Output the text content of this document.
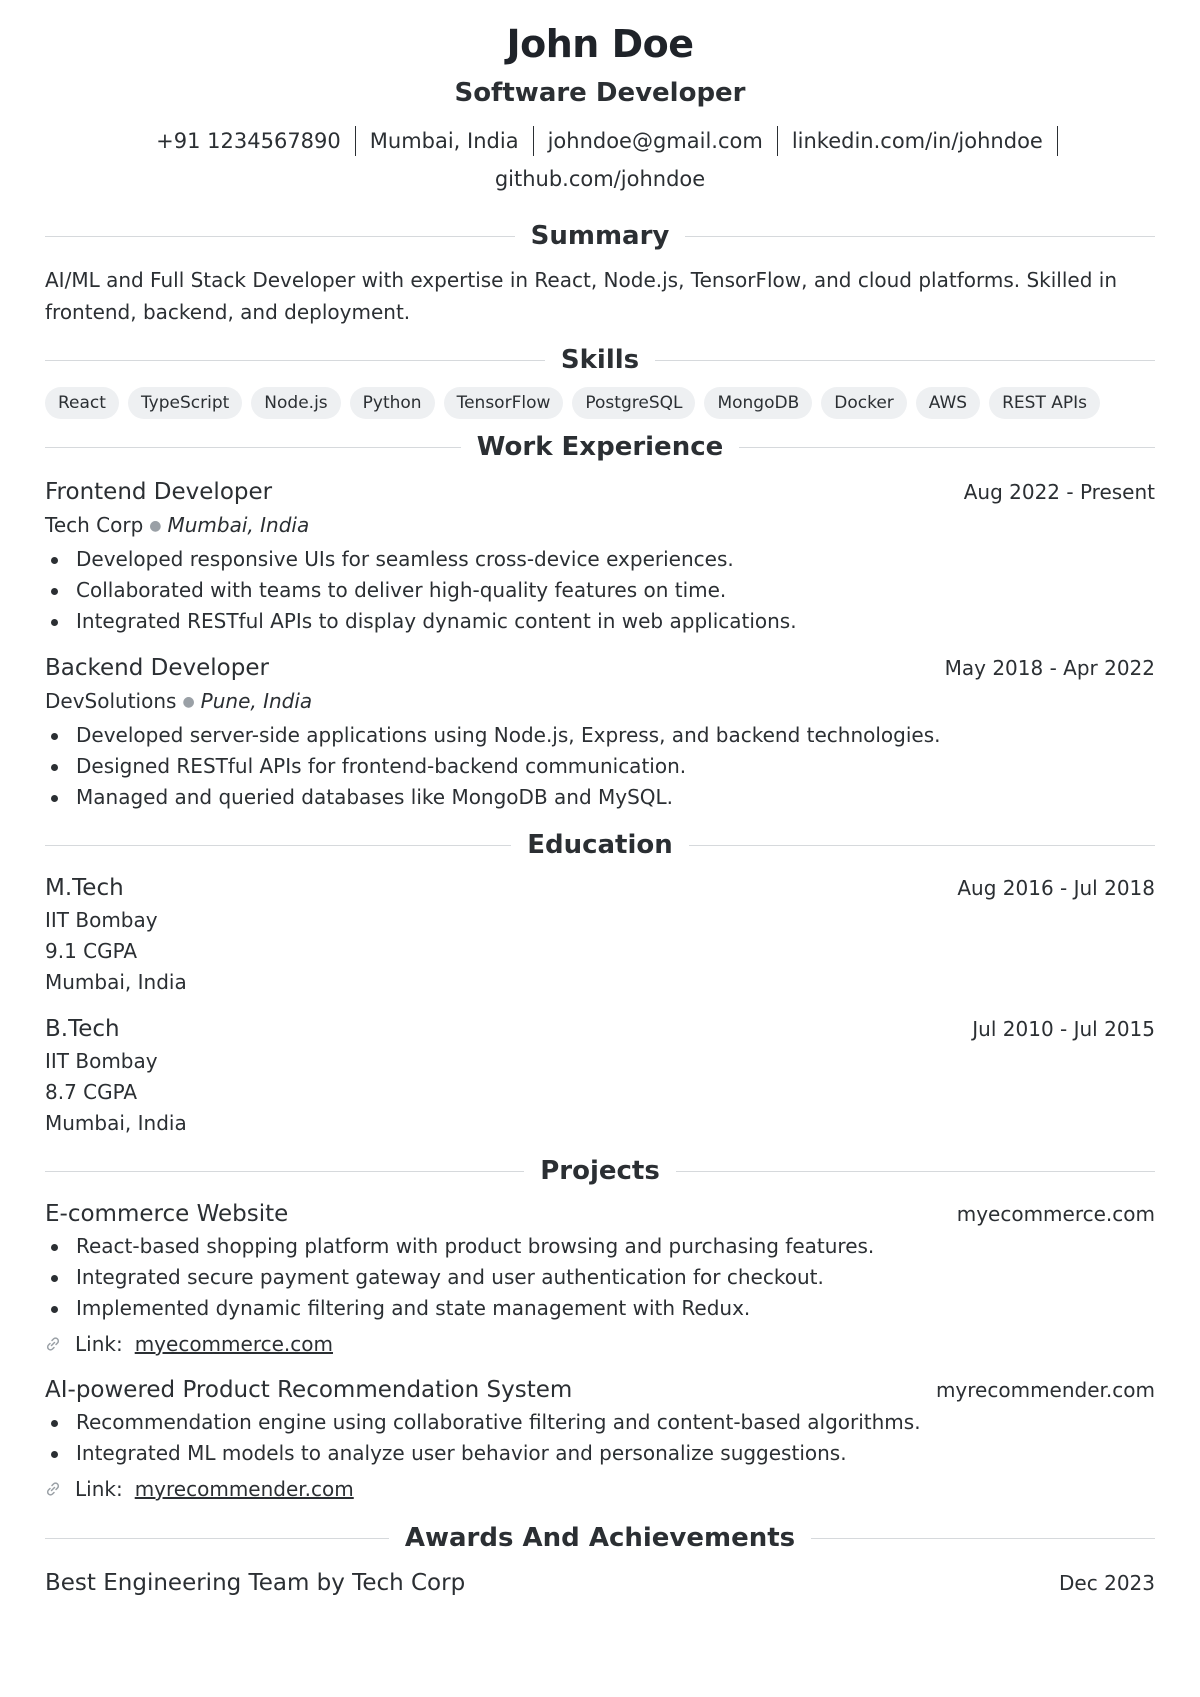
John Doe
Software Developer
+91 1234567890 Mumbai, India johndoe@gmail.com linkedin.com/in/johndoe
github.com/johndoe
Summary
AI/ML and Full Stack Developer with expertise in React, Node.js, TensorFlow, and cloud platforms. Skilled in frontend, backend, and deployment.
Skills
React	TypeScript	Node.js	Python	TensorFlow	PostgreSQL	MongoDB	Docker	AWS	REST APIs
Work Experience
Frontend Developer	Aug 2022 - Present
Tech Corp ● Mumbai, India
Developed responsive UIs for seamless cross-device experiences.
Collaborated with teams to deliver high-quality features on time.
Integrated RESTful APIs to display dynamic content in web applications.
Backend Developer	May 2018 - Apr 2022
DevSolutions ● Pune, India
Developed server-side applications using Node.js, Express, and backend technologies.
Designed RESTful APIs for frontend-backend communication.
Managed and queried databases like MongoDB and MySQL.
Education
M.Tech	Aug 2016 - Jul 2018
IIT Bombay
9.1 CGPA
Mumbai, India
B.Tech	Jul 2010 - Jul 2015
IIT Bombay
8.7 CGPA
Mumbai, India
Projects
E-commerce Website	myecommerce.com
React-based shopping platform with product browsing and purchasing features.
Integrated secure payment gateway and user authentication for checkout.
Implemented dynamic filtering and state management with Redux.
Link: myecommerce.com
AI-powered Product Recommendation System	myrecommender.com
Recommendation engine using collaborative filtering and content-based algorithms.
Integrated ML models to analyze user behavior and personalize suggestions.
Link: myrecommender.com
Awards And Achievements
Best Engineering Team by Tech Corp	Dec 2023
